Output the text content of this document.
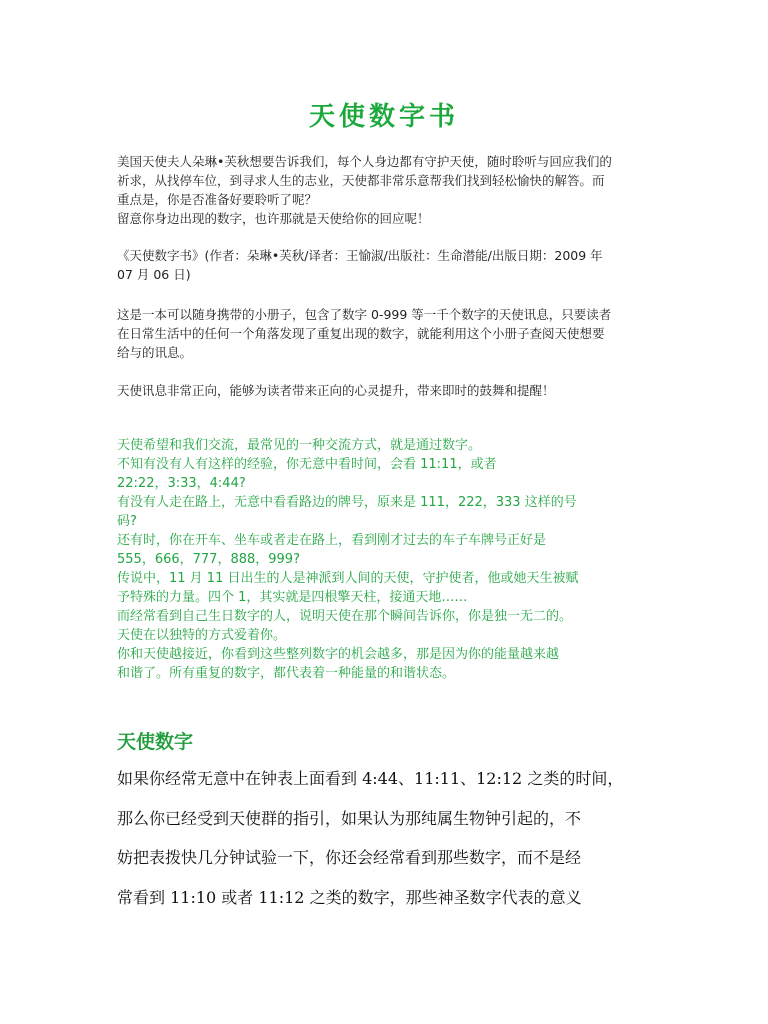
天使数字书

美国天使夫人朵琳•芙秋想要告诉我们，每个人身边都有守护天使，随时聆听与回应我们的

祈求，从找停车位，到寻求人生的志业，天使都非常乐意帮我们找到轻松愉快的解答。而

重点是，你是否准备好要聆听了呢？

留意你身边出现的数字，也许那就是天使给你的回应呢！

《天使数字书》(作者：朵琳•芙秋/译者：王愉淑/出版社：生命潜能/出版日期：2009 年

07 月 06 日)

这是一本可以随身携带的小册子，包含了数字 0-999 等一千个数字的天使讯息，只要读者

在日常生活中的任何一个角落发现了重复出现的数字，就能利用这个小册子查阅天使想要

给与的讯息。

天使讯息非常正向，能够为读者带来正向的心灵提升，带来即时的鼓舞和提醒！

天使希望和我们交流，最常见的一种交流方式，就是通过数字。

不知有没有人有这样的经验，你无意中看时间，会看 11:11，或者

22:22，3:33，4:44?

有没有人走在路上，无意中看看路边的牌号，原来是 111，222，333 这样的号

码?

还有时，你在开车、坐车或者走在路上，看到刚才过去的车子车牌号正好是

555，666，777，888，999?

传说中，11 月 11 日出生的人是神派到人间的天使，守护使者，他或她天生被赋

予特殊的力量。四个 1，其实就是四根擎天柱，接通天地……

而经常看到自己生日数字的人，说明天使在那个瞬间告诉你，你是独一无二的。

天使在以独特的方式爱着你。

你和天使越接近，你看到这些整列数字的机会越多，那是因为你的能量越来越

和谐了。所有重复的数字，都代表着一种能量的和谐状态。

天使数字

如果你经常无意中在钟表上面看到 4:44、11:11、12:12 之类的时间，

那么你已经受到天使群的指引，如果认为那纯属生物钟引起的，不

妨把表拨快几分钟试验一下，你还会经常看到那些数字，而不是经

常看到 11:10 或者 11:12 之类的数字，那些神圣数字代表的意义
